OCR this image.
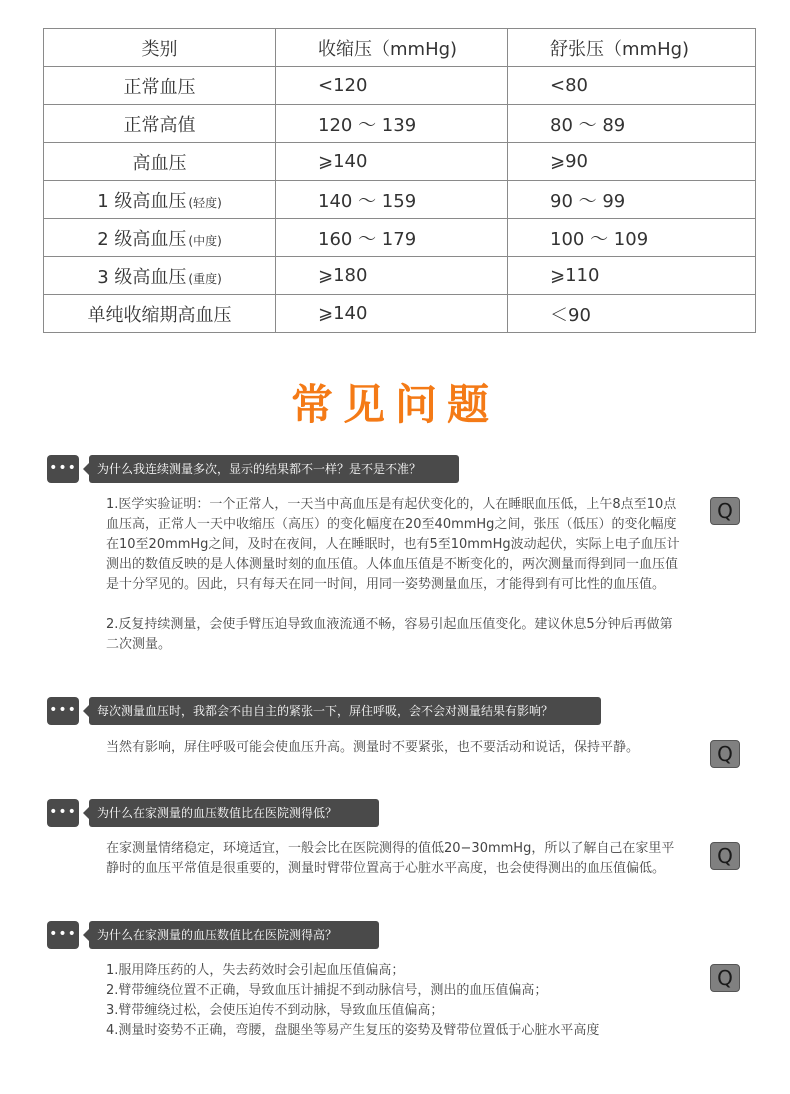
类别	收缩压（mmHg)	舒张压（mmHg)
正常血压	<120	<80
正常高值	120 ～ 139	80 ～ 89
高血压	⩾140	⩾90
1 级高血压 (轻度)	140 ～ 159	90 ～ 99
2 级高血压 (中度)	160 ～ 179	100 ～ 109
3 级高血压 (重度)	⩾180	⩾110
单纯收缩期高血压	⩾140	＜90
常见问题
•••	为什么我连续测量多次，显示的结果都不一样？是不是不准？

1.医学实验证明：一个正常人，一天当中高血压是有起伏变化的，人在睡眠血压低，上午8点至10点血压高，正常人一天中收缩压（高压）的变化幅度在20至40mmHg之间，张压（低压）的变化幅度在10至20mmHg之间，及时在夜间，人在睡眠时，也有5至10mmHg波动起伏，实际上电子血压计测出的数值反映的是人体测量时刻的血压值。人体血压值是不断变化的，两次测量而得到同一血压值是十分罕见的。因此，只有每天在同一时间，用同一姿势测量血压，才能得到有可比性的血压值。

2.反复持续测量，会使手臂压迫导致血液流通不畅，容易引起血压值变化。建议休息5分钟后再做第二次测量。

Q
•••	每次测量血压时，我都会不由自主的紧张一下，屏住呼吸，会不会对测量结果有影响？

当然有影响，屏住呼吸可能会使血压升高。测量时不要紧张，也不要活动和说话，保持平静。	Q
•••	为什么在家测量的血压数值比在医院测得低？

在家测量情绪稳定，环境适宜，一般会比在医院测得的值低20−30mmHg，所以了解自己在家里平静时的血压平常值是很重要的，测量时臂带位置高于心脏水平高度，也会使得测出的血压值偏低。

Q
•••	为什么在家测量的血压数值比在医院测得高？

1.服用降压药的人，失去药效时会引起血压值偏高；

2.臂带缠绕位置不正确，导致血压计捕捉不到动脉信号，测出的血压值偏高；

3.臂带缠绕过松，会使压迫传不到动脉，导致血压值偏高；

4.测量时姿势不正确，弯腰，盘腿坐等易产生复压的姿势及臂带位置低于心脏水平高度

Q
